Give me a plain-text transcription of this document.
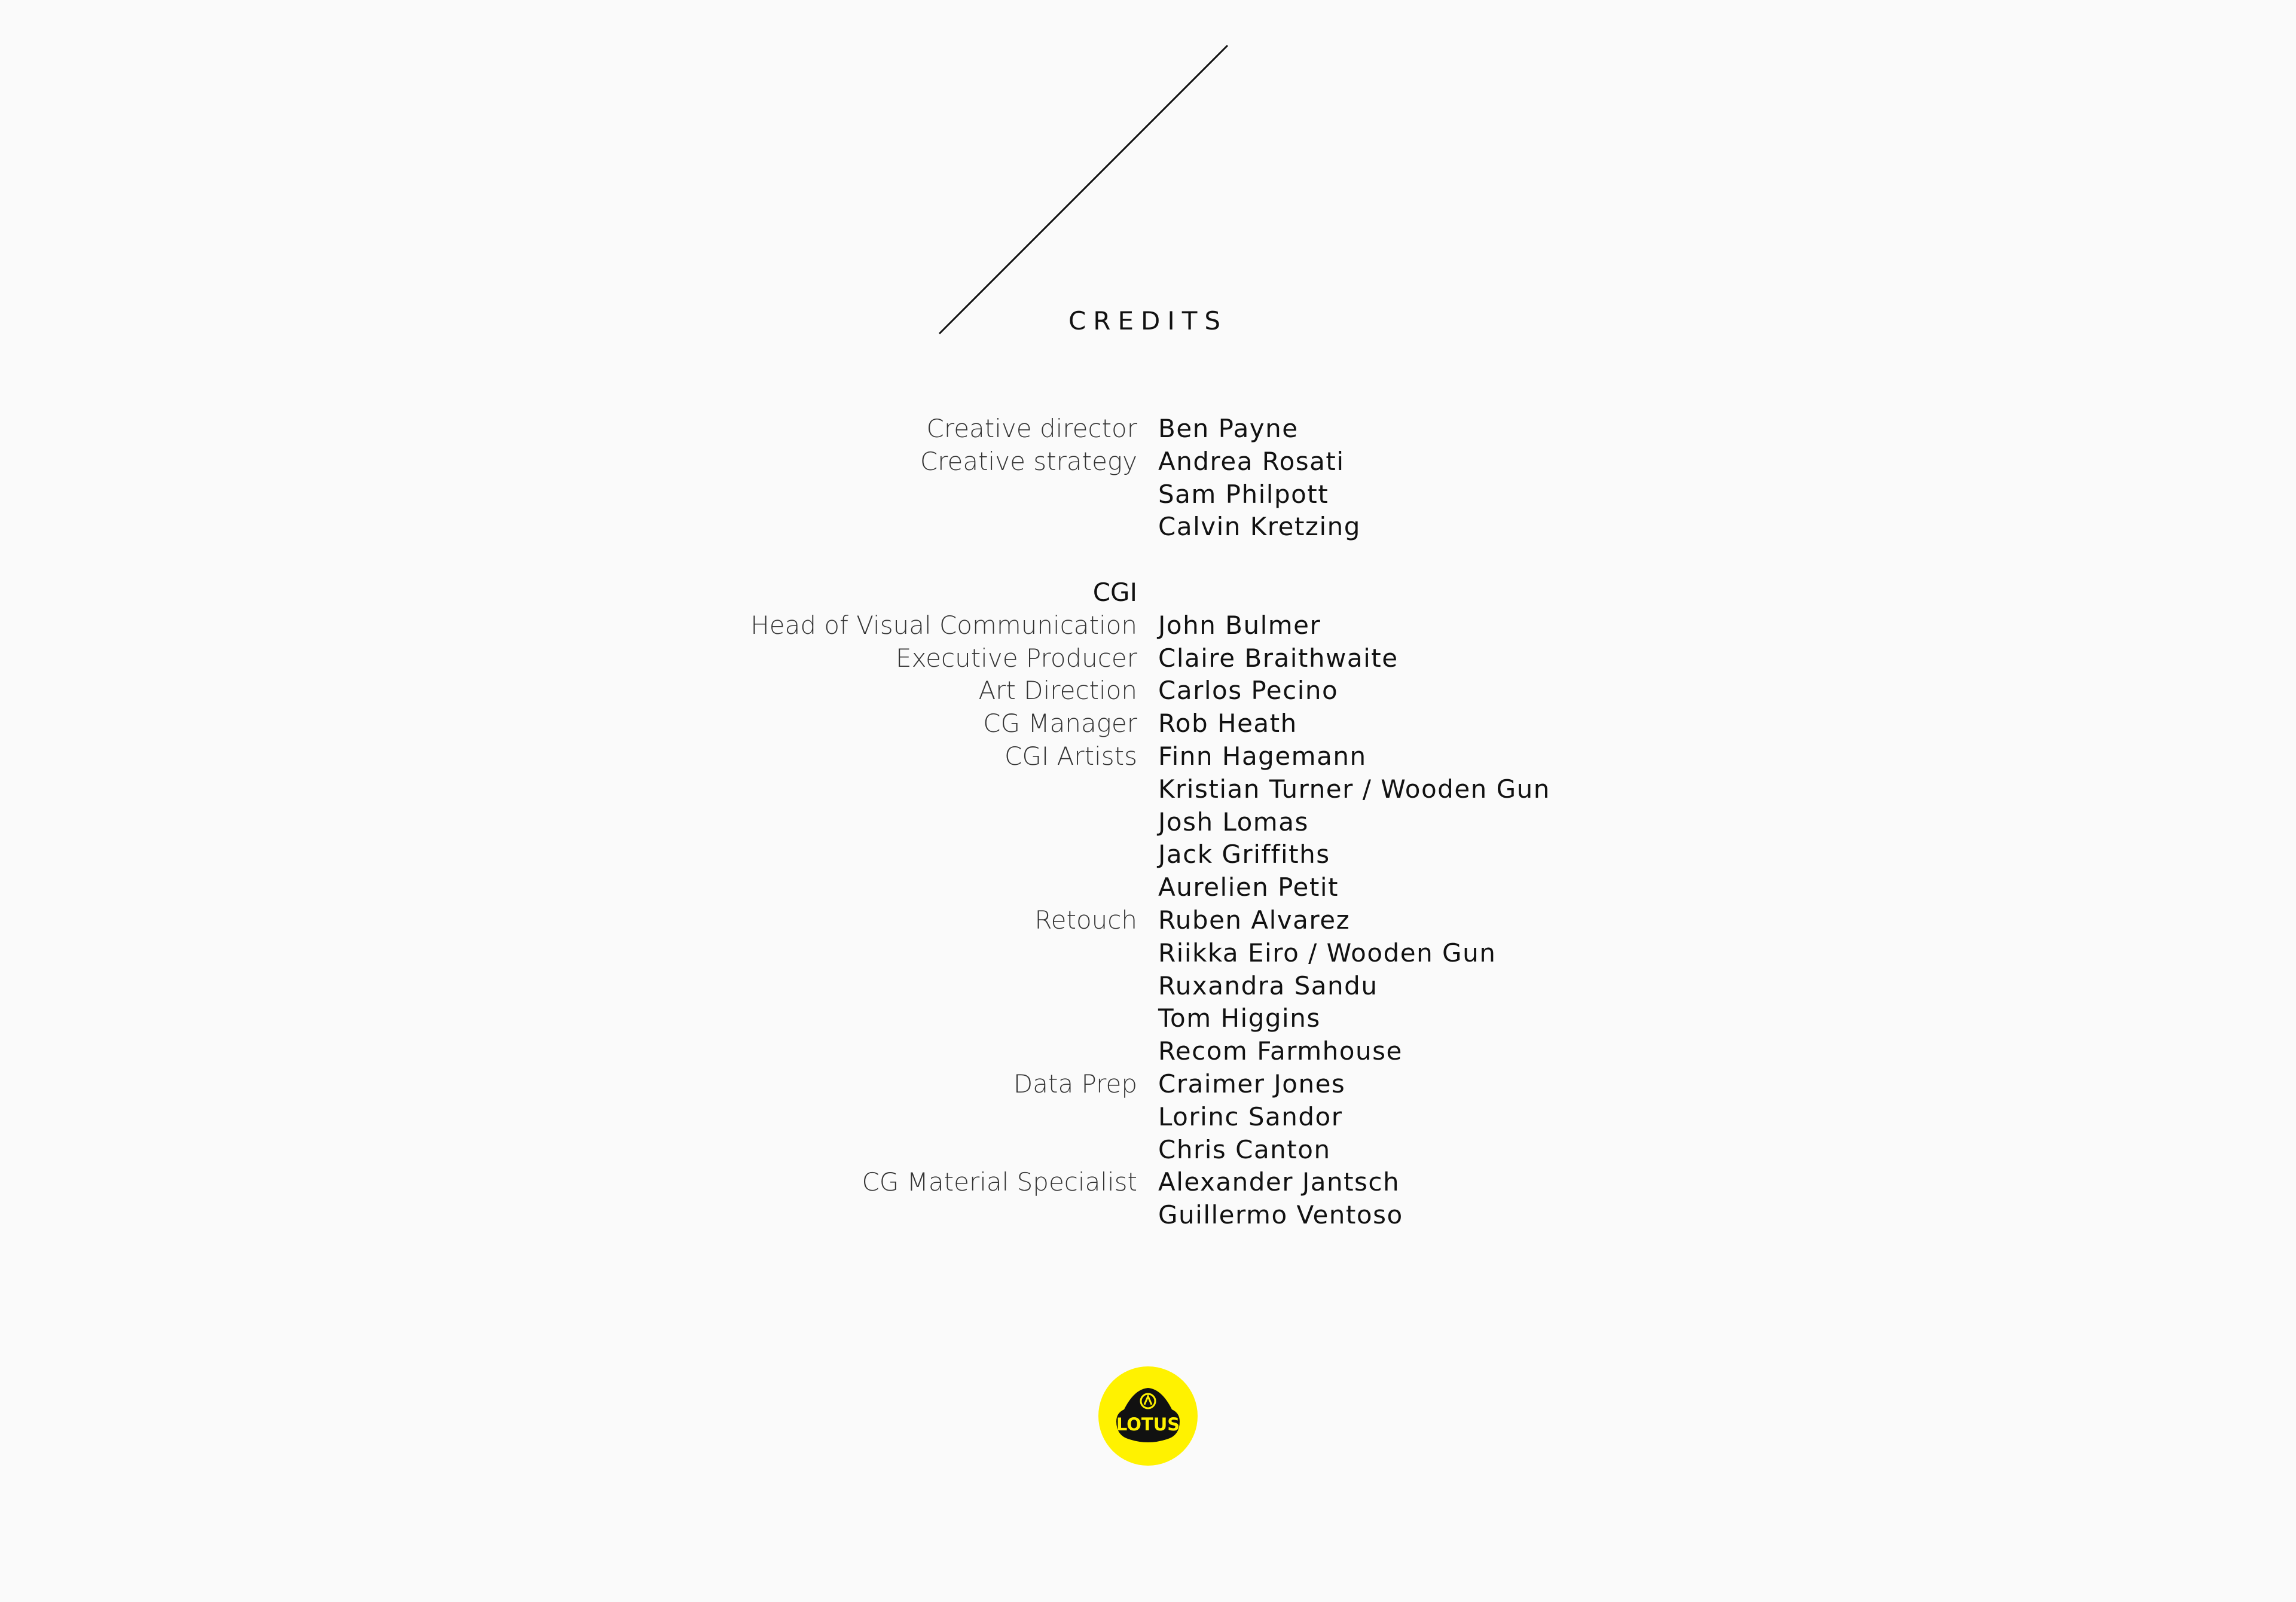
CREDITS
Creative director Ben Payne
Creative strategy Andrea Rosati
Sam Philpott
Calvin Kretzing
CGI
Head of Visual Communication John Bulmer
Executive Producer Claire Braithwaite
Art Direction Carlos Pecino
CG Manager Rob Heath
CGI Artists Finn Hagemann
Kristian Turner / Wooden Gun
Josh Lomas
Jack Griffiths
Aurelien Petit
Retouch Ruben Alvarez
Riikka Eiro / Wooden Gun
Ruxandra Sandu
Tom Higgins
Recom Farmhouse
Data Prep Craimer Jones
Lorinc Sandor
Chris Canton
CG Material Specialist Alexander Jantsch
Guillermo Ventoso
LOTUS
